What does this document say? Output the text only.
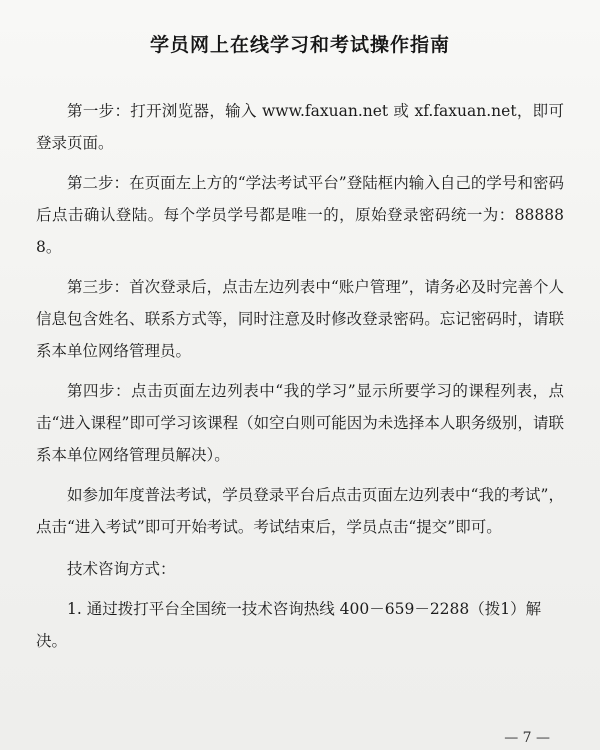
学员网上在线学习和考试操作指南

第一步：打开浏览器，输入 www.faxuan.net 或 xf.faxuan.net，即可登录页面。

第二步：在页面左上方的“学法考试平台”登陆框内输入自己的学号和密码后点击确认登陆。每个学员学号都是唯一的，原始登录密码统一为：888888。

第三步：首次登录后，点击左边列表中“账户管理”，请务必及时完善个人信息包含姓名、联系方式等，同时注意及时修改登录密码。忘记密码时，请联系本单位网络管理员。

第四步：点击页面左边列表中“我的学习”显示所要学习的课程列表，点击“进入课程”即可学习该课程（如空白则可能因为未选择本人职务级别，请联系本单位网络管理员解决）。

如参加年度普法考试，学员登录平台后点击页面左边列表中“我的考试”，点击“进入考试”即可开始考试。考试结束后，学员点击“提交”即可。

技术咨询方式：

1. 通过拨打平台全国统一技术咨询热线 400－659－2288（拨1）解决。

— 7 —
